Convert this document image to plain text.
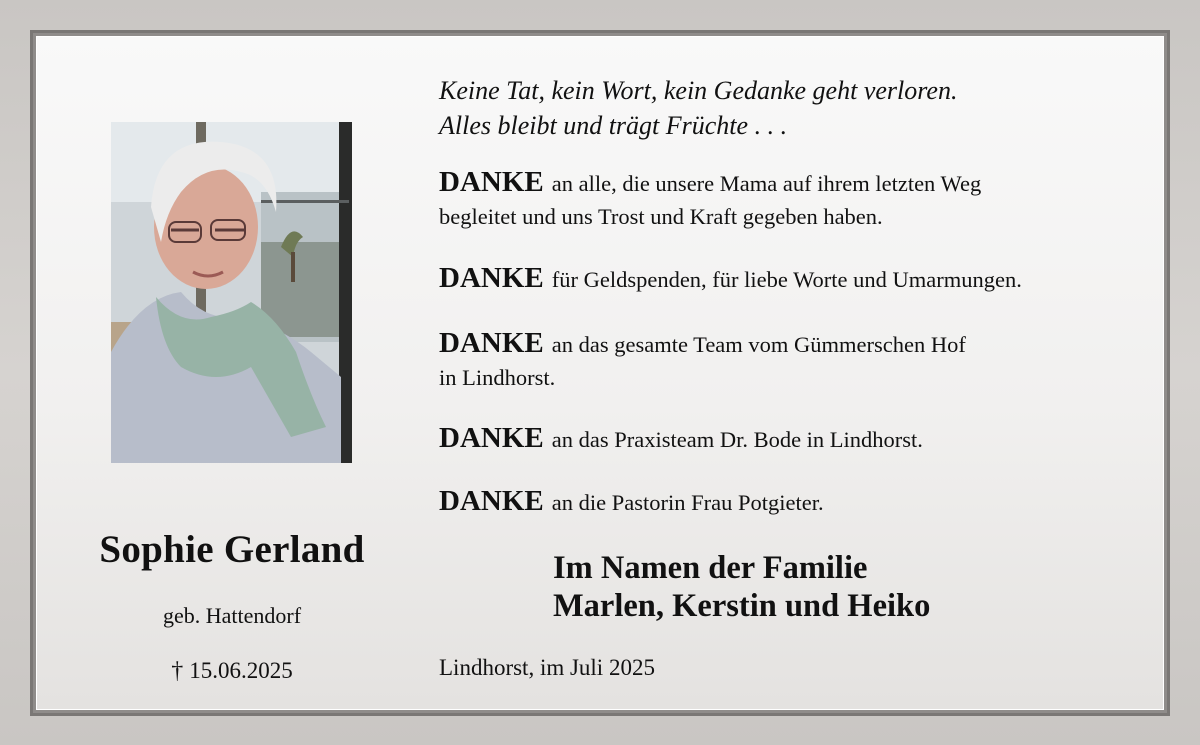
Keine Tat, kein Wort, kein Gedanke geht verloren.
Alles bleibt und trägt Früchte . . .
Sophie Gerland
geb. Hattendorf
† 15.06.2025
DANKE an alle, die unsere Mama auf ihrem letzten Weg
begleitet und uns Trost und Kraft gegeben haben.
DANKE für Geldspenden, für liebe Worte und Umarmungen.
DANKE an das gesamte Team vom Gümmerschen Hof
in Lindhorst.
DANKE an das Praxisteam Dr. Bode in Lindhorst.
DANKE an die Pastorin Frau Potgieter.
Im Namen der Familie
Marlen, Kerstin und Heiko
Lindhorst, im Juli 2025
